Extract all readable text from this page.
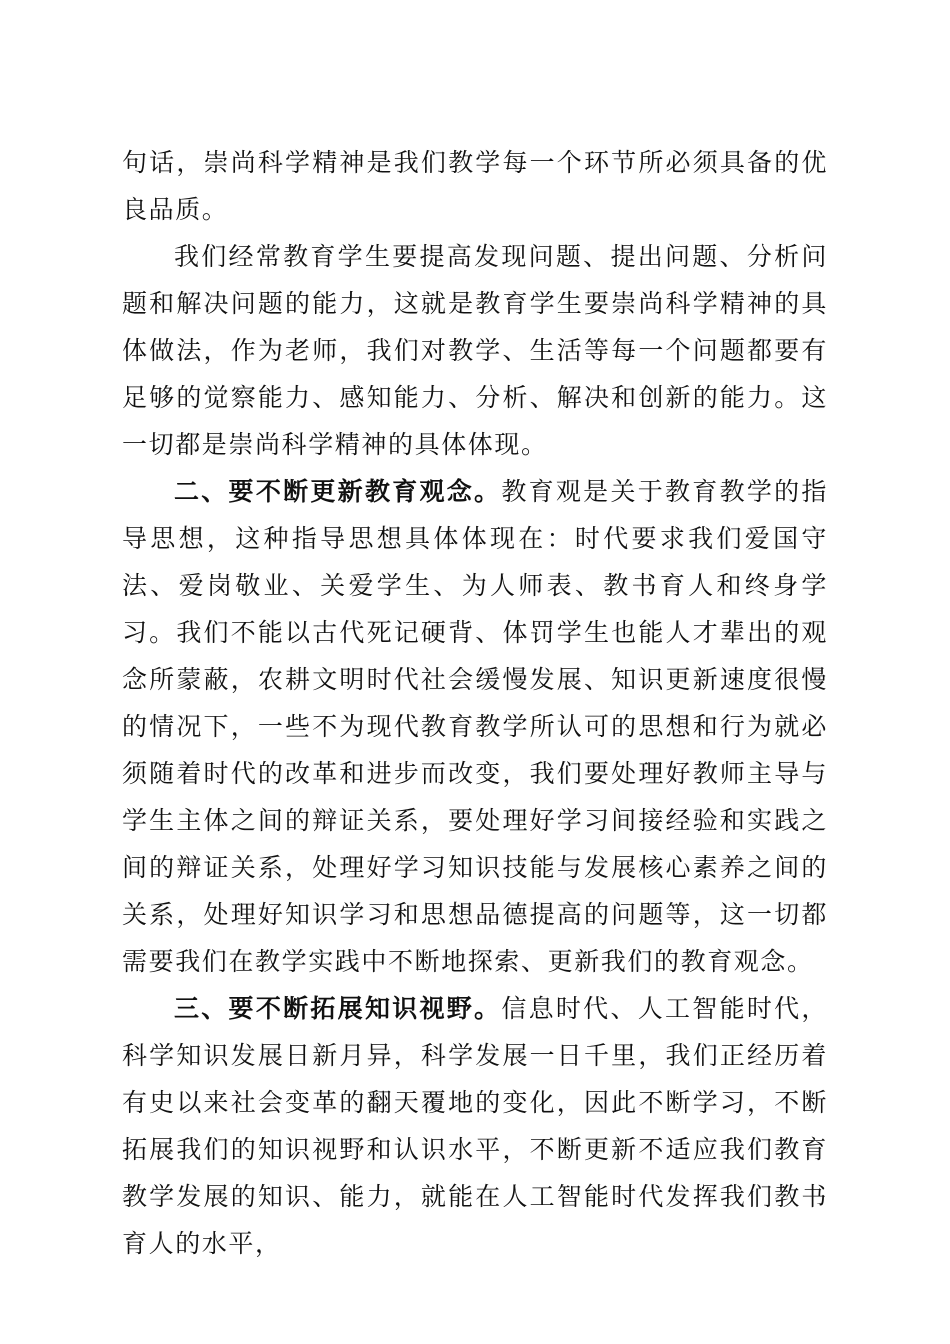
句话，崇尚科学精神是我们教学每一个环节所必须具备的优良品质。

我们经常教育学生要提高发现问题、提出问题、分析问题和解决问题的能力，这就是教育学生要崇尚科学精神的具体做法，作为老师，我们对教学、生活等每一个问题都要有足够的觉察能力、感知能力、分析、解决和创新的能力。这一切都是崇尚科学精神的具体体现。

二、要不断更新教育观念。教育观是关于教育教学的指导思想，这种指导思想具体体现在：时代要求我们爱国守法、爱岗敬业、关爱学生、为人师表、教书育人和终身学习。我们不能以古代死记硬背、体罚学生也能人才辈出的观念所蒙蔽，农耕文明时代社会缓慢发展、知识更新速度很慢的情况下，一些不为现代教育教学所认可的思想和行为就必须随着时代的改革和进步而改变，我们要处理好教师主导与学生主体之间的辩证关系，要处理好学习间接经验和实践之间的辩证关系，处理好学习知识技能与发展核心素养之间的关系，处理好知识学习和思想品德提高的问题等，这一切都需要我们在教学实践中不断地探索、更新我们的教育观念。

三、要不断拓展知识视野。信息时代、人工智能时代，科学知识发展日新月异，科学发展一日千里，我们正经历着有史以来社会变革的翻天覆地的变化，因此不断学习，不断拓展我们的知识视野和认识水平，不断更新不适应我们教育教学发展的知识、能力，就能在人工智能时代发挥我们教书育人的水平，
